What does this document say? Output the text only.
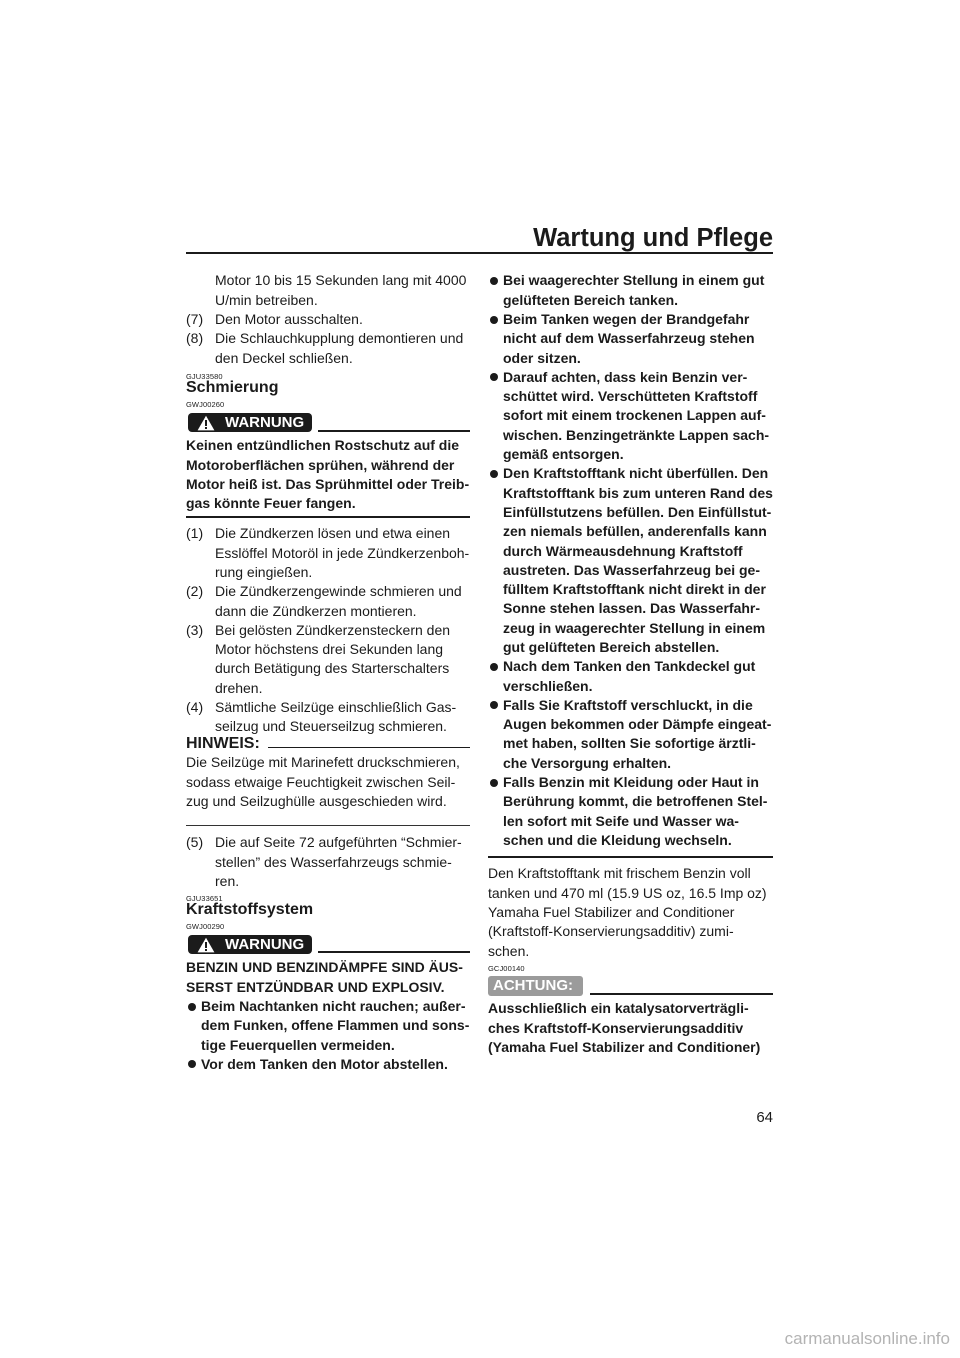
Wartung und Pflege
Motor 10 bis 15 Sekunden lang mit 4000
U/min betreiben.
(7) Den Motor ausschalten.
(8) Die Schlauchkupplung demontieren und
den Deckel schließen.
GJU33580
Schmierung
GWJ00260
WARNUNG
Keinen entzündlichen Rostschutz auf die
Motoroberflächen sprühen, während der
Motor heiß ist. Das Sprühmittel oder Treib-
gas könnte Feuer fangen.
(1) Die Zündkerzen lösen und etwa einen
Esslöffel Motoröl in jede Zündkerzenboh-
rung eingießen.
(2) Die Zündkerzengewinde schmieren und
dann die Zündkerzen montieren.
(3) Bei gelösten Zündkerzensteckern den
Motor höchstens drei Sekunden lang
durch Betätigung des Starterschalters
drehen.
(4) Sämtliche Seilzüge einschließlich Gas-
seilzug und Steuerseilzug schmieren.
HINWEIS:
Die Seilzüge mit Marinefett druckschmieren,
sodass etwaige Feuchtigkeit zwischen Seil-
zug und Seilzughülle ausgeschieden wird.
(5) Die auf Seite 72 aufgeführten “Schmier-
stellen” des Wasserfahrzeugs schmie-
ren.
GJU33651
Kraftstoffsystem
GWJ00290
WARNUNG
BENZIN UND BENZINDÄMPFE SIND ÄUS-
SERST ENTZÜNDBAR UND EXPLOSIV.
Beim Nachtanken nicht rauchen; außer-
dem Funken, offene Flammen und sons-
tige Feuerquellen vermeiden.
Vor dem Tanken den Motor abstellen.
Bei waagerechter Stellung in einem gut
gelüfteten Bereich tanken.
Beim Tanken wegen der Brandgefahr
nicht auf dem Wasserfahrzeug stehen
oder sitzen.
Darauf achten, dass kein Benzin ver-
schüttet wird. Verschütteten Kraftstoff
sofort mit einem trockenen Lappen auf-
wischen. Benzingetränkte Lappen sach-
gemäß entsorgen.
Den Kraftstofftank nicht überfüllen. Den
Kraftstofftank bis zum unteren Rand des
Einfüllstutzens befüllen. Den Einfüllstut-
zen niemals befüllen, anderenfalls kann
durch Wärmeausdehnung Kraftstoff
austreten. Das Wasserfahrzeug bei ge-
fülltem Kraftstofftank nicht direkt in der
Sonne stehen lassen. Das Wasserfahr-
zeug in waagerechter Stellung in einem
gut gelüfteten Bereich abstellen.
Nach dem Tanken den Tankdeckel gut
verschließen.
Falls Sie Kraftstoff verschluckt, in die
Augen bekommen oder Dämpfe eingeat-
met haben, sollten Sie sofortige ärztli-
che Versorgung erhalten.
Falls Benzin mit Kleidung oder Haut in
Berührung kommt, die betroffenen Stel-
len sofort mit Seife und Wasser wa-
schen und die Kleidung wechseln.
Den Kraftstofftank mit frischem Benzin voll
tanken und 470 ml (15.9 US oz, 16.5 Imp oz)
Yamaha Fuel Stabilizer and Conditioner
(Kraftstoff-Konservierungsadditiv) zumi-
schen.
GCJ00140
ACHTUNG:
Ausschließlich ein katalysatorverträgli-
ches Kraftstoff-Konservierungsadditiv
(Yamaha Fuel Stabilizer and Conditioner)
64
carmanualsonline.info
